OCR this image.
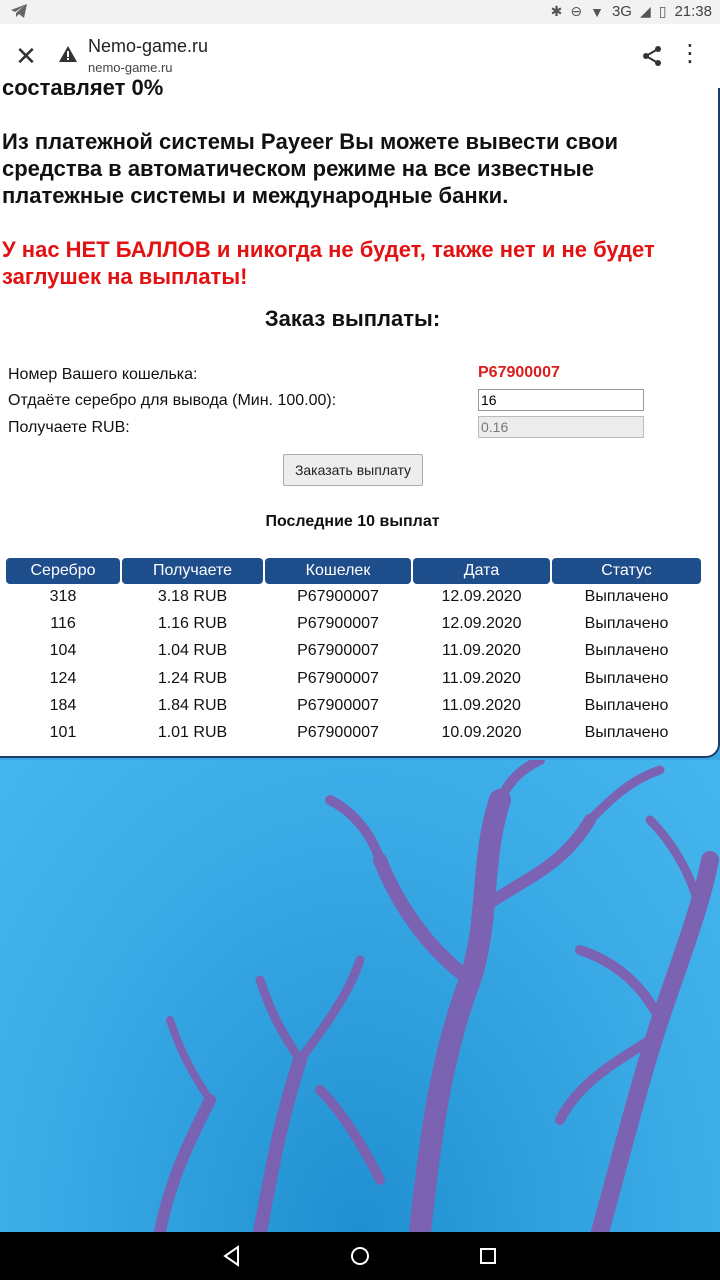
✱ ⊖ ▼ 3G ◢ ▯ 21:38
✕	Nemo-game.ru
nemo-game.ru
⋮
составляет 0%
Из платежной системы Payeer Вы можете вывести свои
средства в автоматическом режиме на все известные
платежные системы и международные банки.
У нас НЕТ БАЛЛОВ и никогда не будет, также нет и не будет
заглушек на выплаты!
Заказ выплаты:
Номер Вашего кошелька:	P67900007
Отдаёте серебро для вывода (Мин. 100.00):
16
Получаете RUB:
0.16
Заказать выплату
Последние 10 выплат
Серебро	Получаете	Кошелек	Дата	Статус
318	3.18 RUB	P67900007	12.09.2020	Выплачено
116	1.16 RUB	P67900007	12.09.2020	Выплачено
104	1.04 RUB	P67900007	11.09.2020	Выплачено
124	1.24 RUB	P67900007	11.09.2020	Выплачено
184	1.84 RUB	P67900007	11.09.2020	Выплачено
101	1.01 RUB	P67900007	10.09.2020	Выплачено
